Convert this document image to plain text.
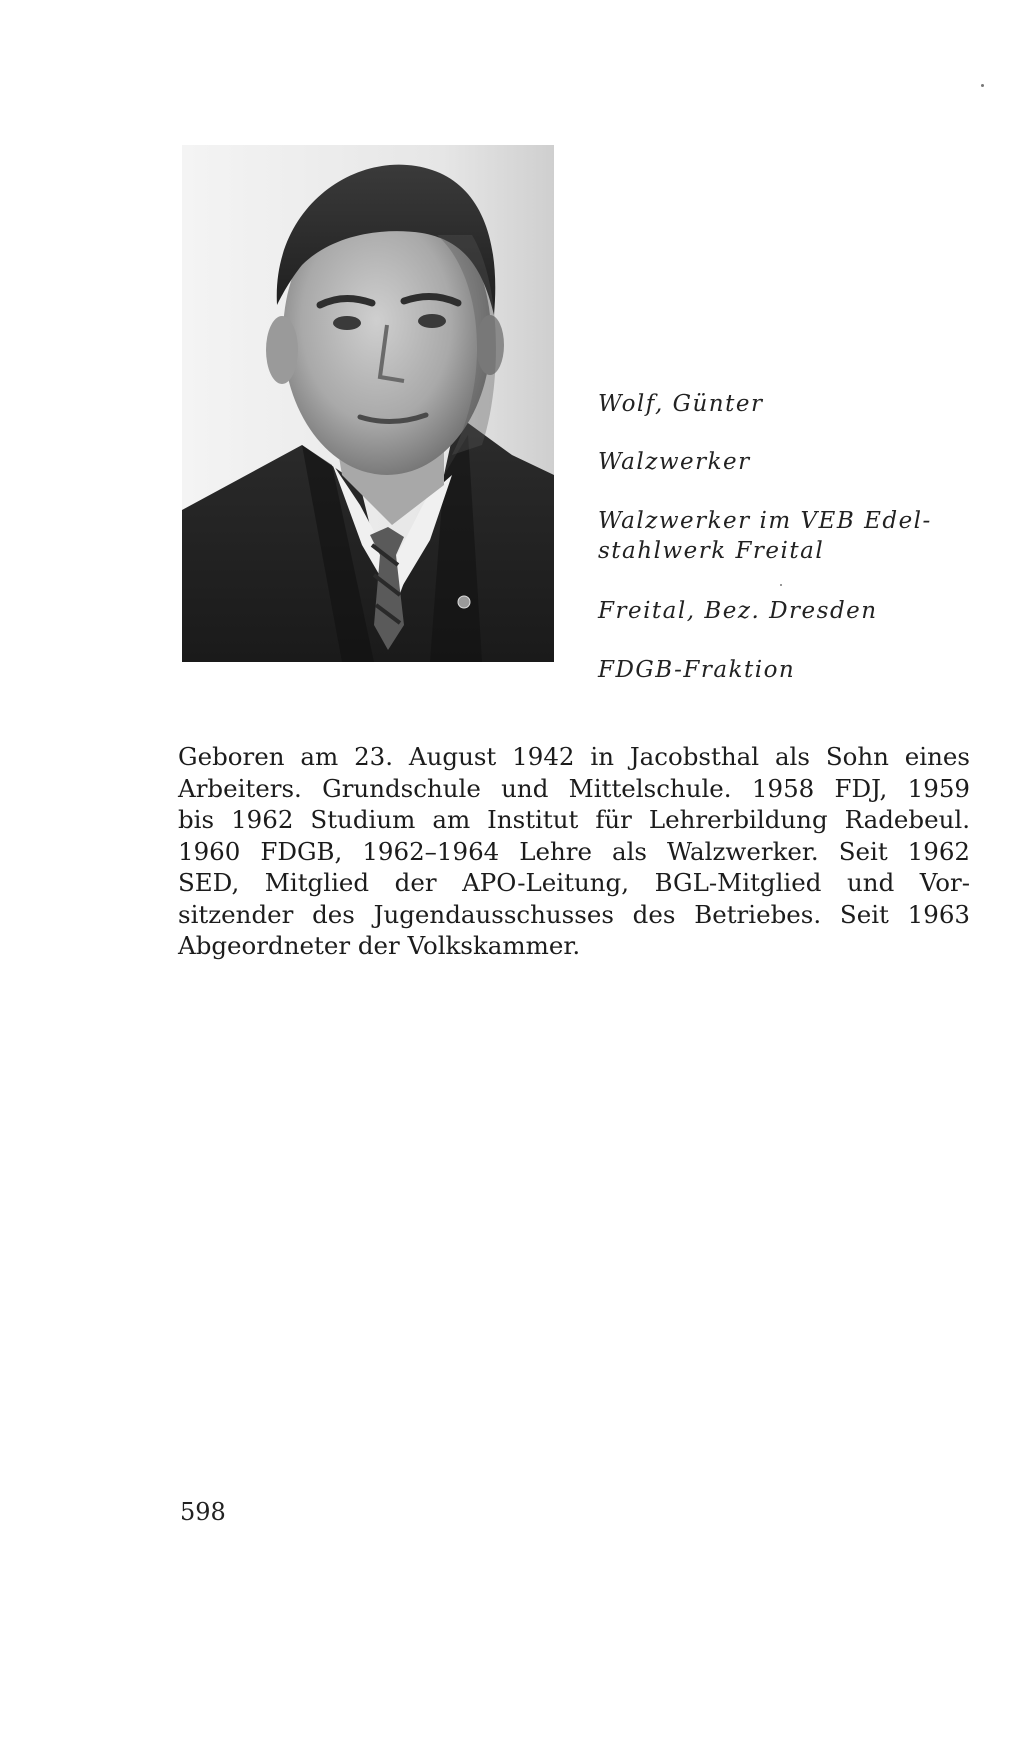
Wolf, Günter
Walzwerker
Walzwerker im VEB Edel-
stahlwerk Freital
Freital, Bez. Dresden
FDGB-Fraktion
Geboren am 23. August 1942 in Jacobsthal als Sohn eines
Arbeiters. Grundschule und Mittelschule. 1958 FDJ, 1959
bis 1962 Studium am Institut für Lehrerbildung Radebeul.
1960 FDGB, 1962–1964 Lehre als Walzwerker. Seit 1962
SED, Mitglied der APO-Leitung, BGL-Mitglied und Vor-
sitzender des Jugendausschusses des Betriebes. Seit 1963
Abgeordneter der Volkskammer.
598
